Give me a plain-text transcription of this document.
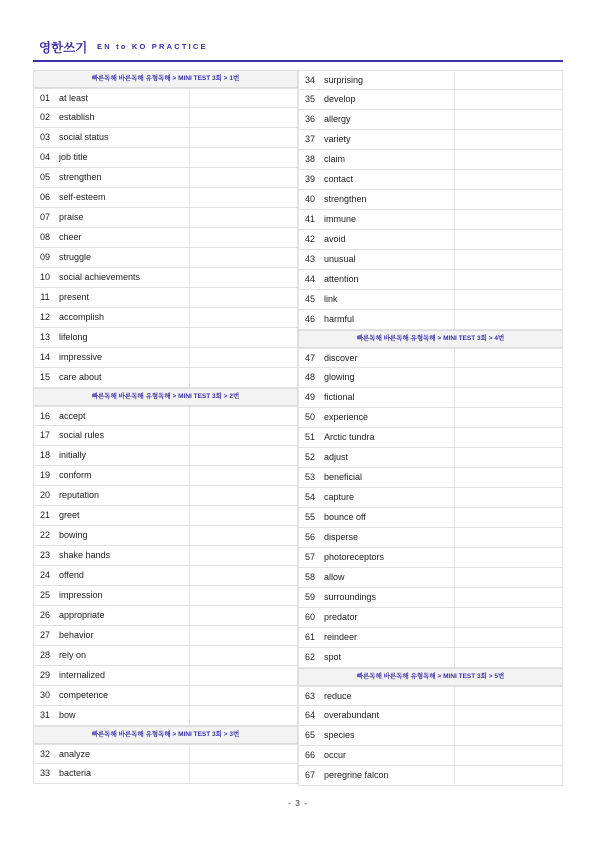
영한쓰기 EN to KO PRACTICE
빠른독해 바른독해 유형독해 > MINI TEST 3회 > 1번
01	at least
02	establish
03	social status
04	job title
05	strengthen
06	self-esteem
07	praise
08	cheer
09	struggle
10	social achievements
11	present
12	accomplish
13	lifelong
14	impressive
15	care about
빠른독해 바른독해 유형독해 > MINI TEST 3회 > 2번
16	accept
17	social rules
18	initially
19	conform
20	reputation
21	greet
22	bowing
23	shake hands
24	offend
25	impression
26	appropriate
27	behavior
28	rely on
29	internalized
30	competence
31	bow
빠른독해 바른독해 유형독해 > MINI TEST 3회 > 3번
32	analyze
33	bacteria
34	surprising
35	develop
36	allergy
37	variety
38	claim
39	contact
40	strengthen
41	immune
42	avoid
43	unusual
44	attention
45	link
46	harmful
빠른독해 바른독해 유형독해 > MINI TEST 3회 > 4번
47	discover
48	glowing
49	fictional
50	experience
51	Arctic tundra
52	adjust
53	beneficial
54	capture
55	bounce off
56	disperse
57	photoreceptors
58	allow
59	surroundings
60	predator
61	reindeer
62	spot
빠른독해 바른독해 유형독해 > MINI TEST 3회 > 5번
63	reduce
64	overabundant
65	species
66	occur
67	peregrine falcon
- 3 -
